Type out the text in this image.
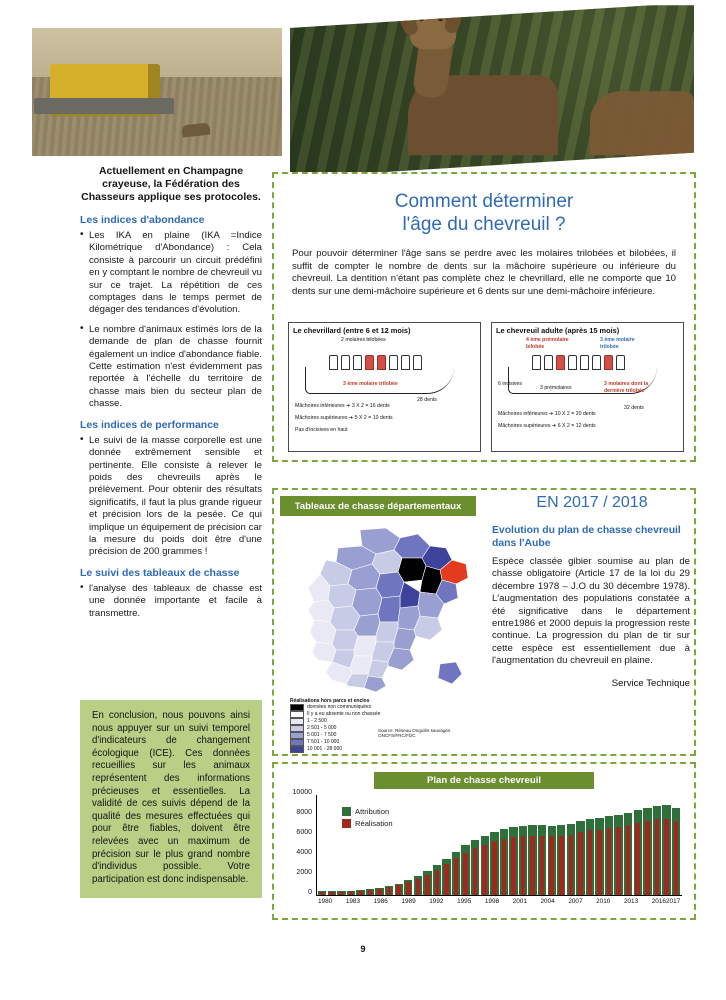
Actuellement en Champagne crayeuse, la Fédération des Chasseurs applique ses protocoles.
Les indices d'abondance
• Les IKA en plaine (IKA =Indice Kilométrique d'Abondance) : Cela consiste à parcourir un circuit prédéfini en y comptant le nombre de chevreuil vu sur ce trajet. La répétition de ces comptages dans le temps permet de dégager des tendances d'évolution.
• Le nombre d'animaux estimés lors de la demande de plan de chasse fournit également un indice d'abondance fiable. Cette estimation n'est évidemment pas reportée à l'échelle du territoire de chasse mais bien du secteur plan de chasse.
Les indices de performance
• Le suivi de la masse corporelle est une donnée extrêmement sensible et pertinente. Elle consiste à relever le poids des chevreuils après le prélèvement. Pour obtenir des résultats significatifs, il faut la plus grande rigueur et précision lors de la pesée. Ce qui implique un équipement de précision car la mesure du poids doit être d'une précision de 200 grammes !
Le suivi des tableaux de chasse
• l'analyse des tableaux de chasse est une donnée importante et facile à transmettre.

En conclusion, nous pouvons ainsi nous appuyer sur un suivi temporel d'indicateurs de changement écologique (ICE). Ces données recueillies sur les animaux représentent des informations précieuses et essentielles. La validité de ces suivis dépend de la qualité des mesures effectuées qui pour être fiables, doivent être relevées avec un maximum de précision sur le plus grand nombre d'individus possible. Votre participation est donc indispensable.

Comment déterminer
l'âge du chevreuil ?

Pour pouvoir déterminer l'âge sans se perdre avec les molaires trilobées et bilobées, il suffit de compter le nombre de dents sur la mâchoire supérieure ou inférieure du chevreuil. La dentition n'étant pas complète chez le chevrillard, elle ne comporte que 10 dents sur une demi-mâchoire supérieure et 6 dents sur une demi-mâchoire inférieure.

Le chevrillard (entre 6 et 12 mois)
2 molaires bilobées
3 ème molaire trilobée
28 dents
Mâchoires inférieures ➜ 3 X 2 = 16 dents
Mâchoires supérieures ➜ 5 X 2 = 10 dents
Pas d'incisives en haut
Le chevreuil adulte (après 15 mois)
4 ème prémolaire bilobée
3 ème molaire trilobée
6 incisives
3 prémolaires
3 molaires dont la dernière trilobée
32 dents
Mâchoires inférieures ➜ 10 X 2 = 20 dents
Mâchoires supérieures ➜ 6 X 2 = 12 dents
Tableaux de chasse départementaux	EN 2017 / 2018
Evolution du plan de chasse chevreuil dans l'Aube

Espèce classée gibier soumise au plan de chasse obligatoire (Article 17 de la loi du 29 décembre 1978 – J.O du 30 décembre 1978). L'augmentation des populations constatée a été significative dans le département entre1986 et 2000 depuis la progression reste continue. La progression du plan de tir sur cette espèce est essentiellement due à l'augmentation du chevreuil en plaine.

Service Technique
Réalisations hors parcs et enclos
données non communiquées
Il y a eu absente ou non chassée
1 - 2 500
2 501 - 5 000
5 001 - 7 500
7 501 - 10 000
10 001 - 28 000
Source: Réseau Ongulés sauvages ONCFS/FRC/FDC
Plan de chasse chevreuil
0
2000
4000
6000
8000
10000
Attribution
Réalisation
1980 1983 1986 1989 1992 1995 1998 2001 2004 2007 2010 2013 2016 2017
9
